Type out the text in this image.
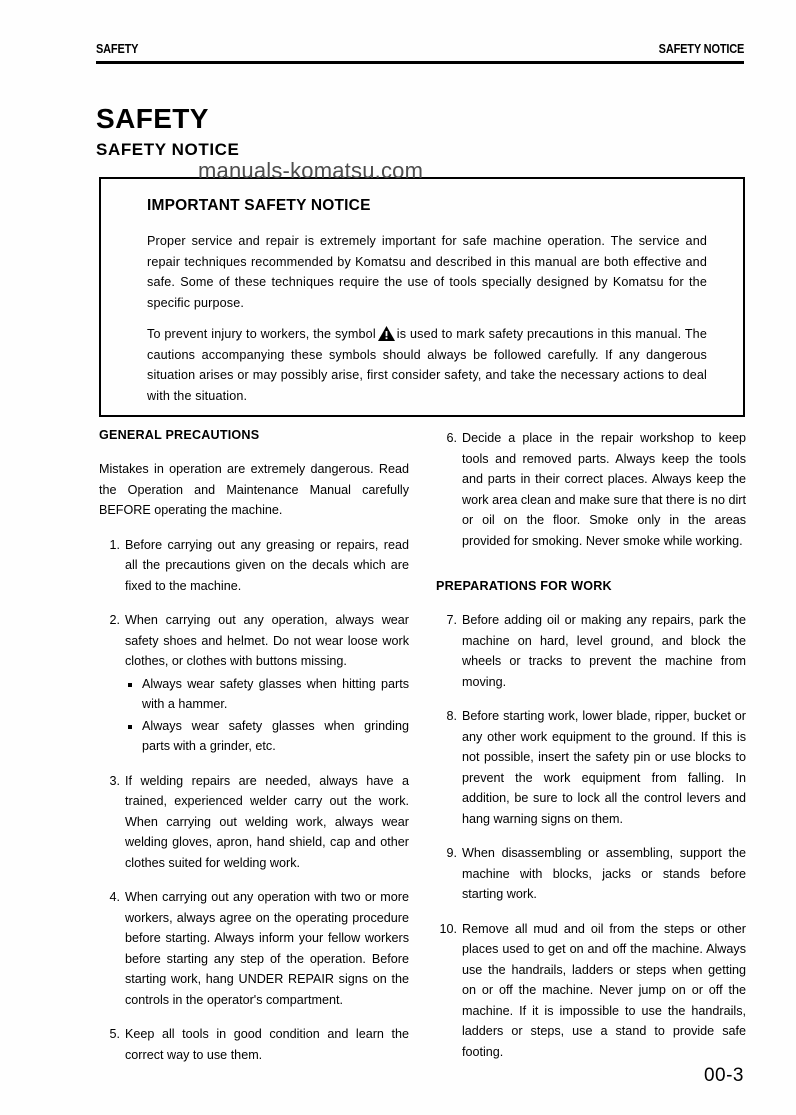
SAFETY	SAFETY NOTICE
SAFETY
SAFETY NOTICE
manuals-komatsu.com
IMPORTANT SAFETY NOTICE
Proper service and repair is extremely important for safe machine operation. The service and repair techniques recommended by Komatsu and described in this manual are both effective and safe. Some of these techniques require the use of tools specially designed by Komatsu for the specific purpose.
To prevent injury to workers, the symbol is used to mark safety precautions in this manual. The cautions accompanying these symbols should always be followed carefully. If any dangerous situation arises or may possibly arise, first consider safety, and take the necessary actions to deal with the situation.
GENERAL PRECAUTIONS

Mistakes in operation are extremely dangerous. Read the Operation and Maintenance Manual carefully BEFORE operating the machine.

1. Before carrying out any greasing or repairs, read all the precautions given on the decals which are fixed to the machine.
2. When carrying out any operation, always wear safety shoes and helmet. Do not wear loose work clothes, or clothes with buttons missing.
Always wear safety glasses when hitting parts with a hammer.
Always wear safety glasses when grinding parts with a grinder, etc.
3. If welding repairs are needed, always have a trained, experienced welder carry out the work. When carrying out welding work, always wear welding gloves, apron, hand shield, cap and other clothes suited for welding work.
4. When carrying out any operation with two or more workers, always agree on the operating procedure before starting. Always inform your fellow workers before starting any step of the operation. Before starting work, hang UNDER REPAIR signs on the controls in the operator's compartment.
5. Keep all tools in good condition and learn the correct way to use them.
6. Decide a place in the repair workshop to keep tools and removed parts. Always keep the tools and parts in their correct places. Always keep the work area clean and make sure that there is no dirt or oil on the floor. Smoke only in the areas provided for smoking. Never smoke while working.
PREPARATIONS FOR WORK
7. Before adding oil or making any repairs, park the machine on hard, level ground, and block the wheels or tracks to prevent the machine from moving.
8. Before starting work, lower blade, ripper, bucket or any other work equipment to the ground. If this is not possible, insert the safety pin or use blocks to prevent the work equipment from falling. In addition, be sure to lock all the control levers and hang warning signs on them.
9. When disassembling or assembling, support the machine with blocks, jacks or stands before starting work.
10. Remove all mud and oil from the steps or other places used to get on and off the machine. Always use the handrails, ladders or steps when getting on or off the machine. Never jump on or off the machine. If it is impossible to use the handrails, ladders or steps, use a stand to provide safe footing.
00-3
